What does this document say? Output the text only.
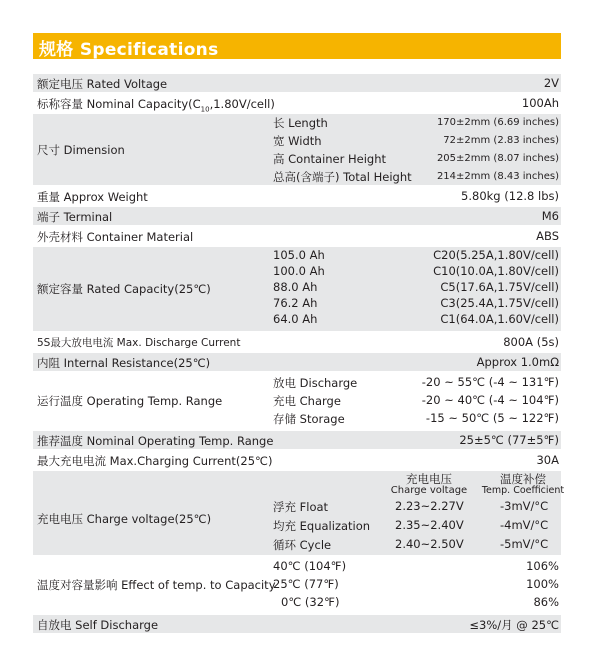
规格 Specifications
额定电压 Rated Voltage	2V
标称容量 Nominal $Capacity(C_{10},1.80V/cell)$	100Ah
尺寸 Dimension
长 Length	170±2mm (6.69 inches)
宽 Width	72±2mm (2.83 inches)
高 Container Height	205±2mm (8.07 inches)
总高(含端子) Total Height	214±2mm (8.43 inches)
重量 Approx Weight	5.80kg (12.8 lbs)
端子 Terminal	M6
外壳材料 Container Material	ABS
额定容量 Rated Capacity(25℃)
105.0 Ah	C20(5.25A,1.80V/cell)
100.0 Ah	C10(10.0A,1.80V/cell)
88.0 Ah	C5(17.6A,1.75V/cell)
76.2 Ah	C3(25.4A,1.75V/cell)
64.0 Ah	C1(64.0A,1.60V/cell)
5S最大放电电流 Max. Discharge Current	800A (5s)
内阻 Internal Resistance(25℃)	Approx 1.0mΩ
运行温度 Operating Temp. Range
放电 Discharge	-20 ~ 55℃ (-4 ~ 131℉)
充电 Charge	-20 ~ 40℃ (-4 ~ 104℉)
存储 Storage	-15 ~ 50℃ (5 ~ 122℉)
推荐温度 Nominal Operating Temp. Range	25±5℃ (77±5℉)
最大充电电流 Max.Charging Current(25℃)	30A
充电电压 Charge voltage(25℃)
充电电压
Charge voltage
温度补偿
Temp. Coefficient
浮充 Float	2.23~2.27V	-3mV/°C
均充 Equalization 2.35~2.40V	-4mV/°C
循环 Cycle	2.40~2.50V	-5mV/°C
温度对容量影响 Effect of temp. to Capacity
40℃ (104℉)	106%
25℃ (77℉)	100%
0℃ (32℉)	86%
自放电 Self Discharge	≤3%/月 @ 25℃
